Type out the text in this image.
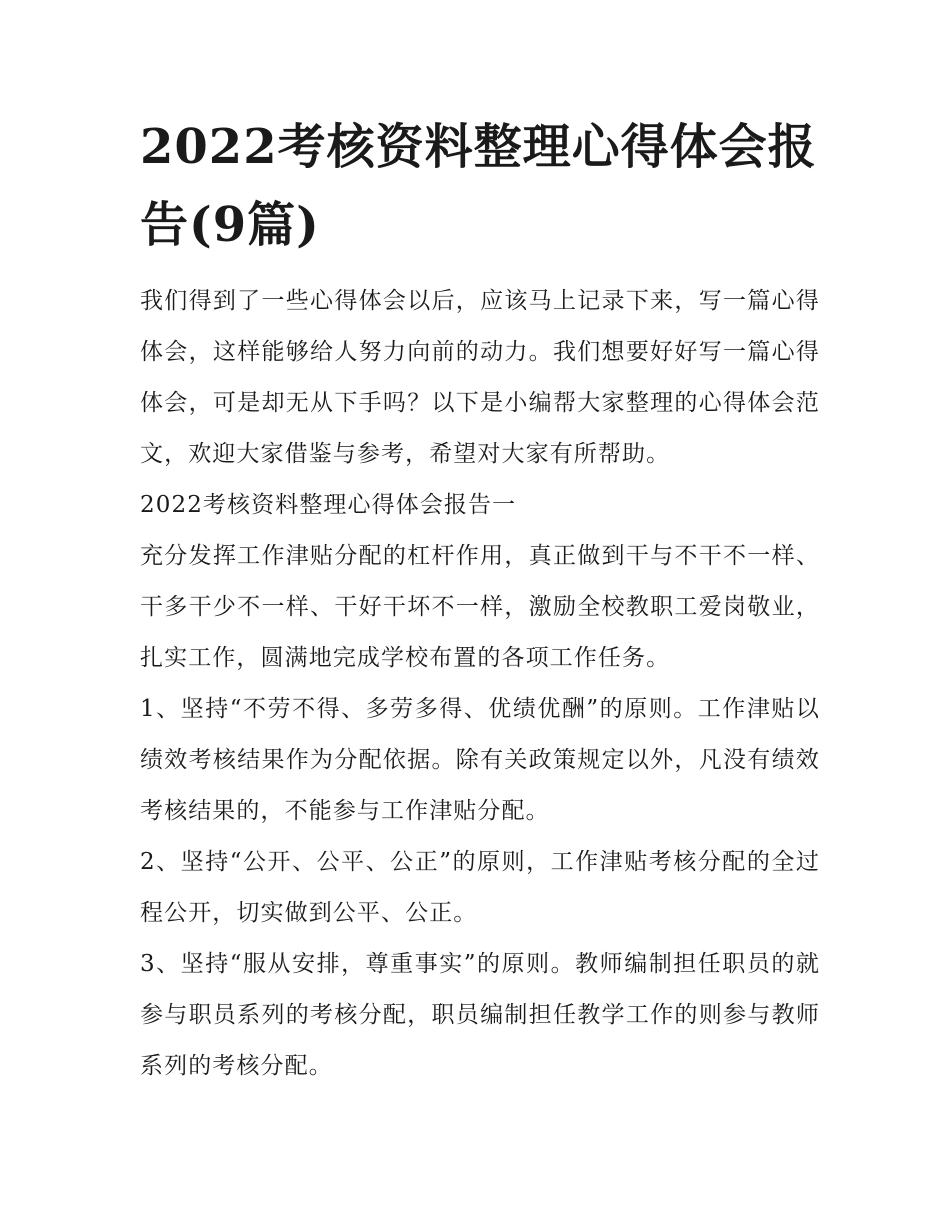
2022考核资料整理心得体会报告(9篇)

我们得到了一些心得体会以后，应该马上记录下来，写一篇心得体会，这样能够给人努力向前的动力。我们想要好好写一篇心得体会，可是却无从下手吗？以下是小编帮大家整理的心得体会范文，欢迎大家借鉴与参考，希望对大家有所帮助。

2022考核资料整理心得体会报告一

充分发挥工作津贴分配的杠杆作用，真正做到干与不干不一样、干多干少不一样、干好干坏不一样，激励全校教职工爱岗敬业，扎实工作，圆满地完成学校布置的各项工作任务。

1、坚持“不劳不得、多劳多得、优绩优酬”的原则。工作津贴以绩效考核结果作为分配依据。除有关政策规定以外，凡没有绩效考核结果的，不能参与工作津贴分配。

2、坚持“公开、公平、公正”的原则，工作津贴考核分配的全过程公开，切实做到公平、公正。

3、坚持“服从安排，尊重事实”的原则。教师编制担任职员的就参与职员系列的考核分配，职员编制担任教学工作的则参与教师系列的考核分配。
